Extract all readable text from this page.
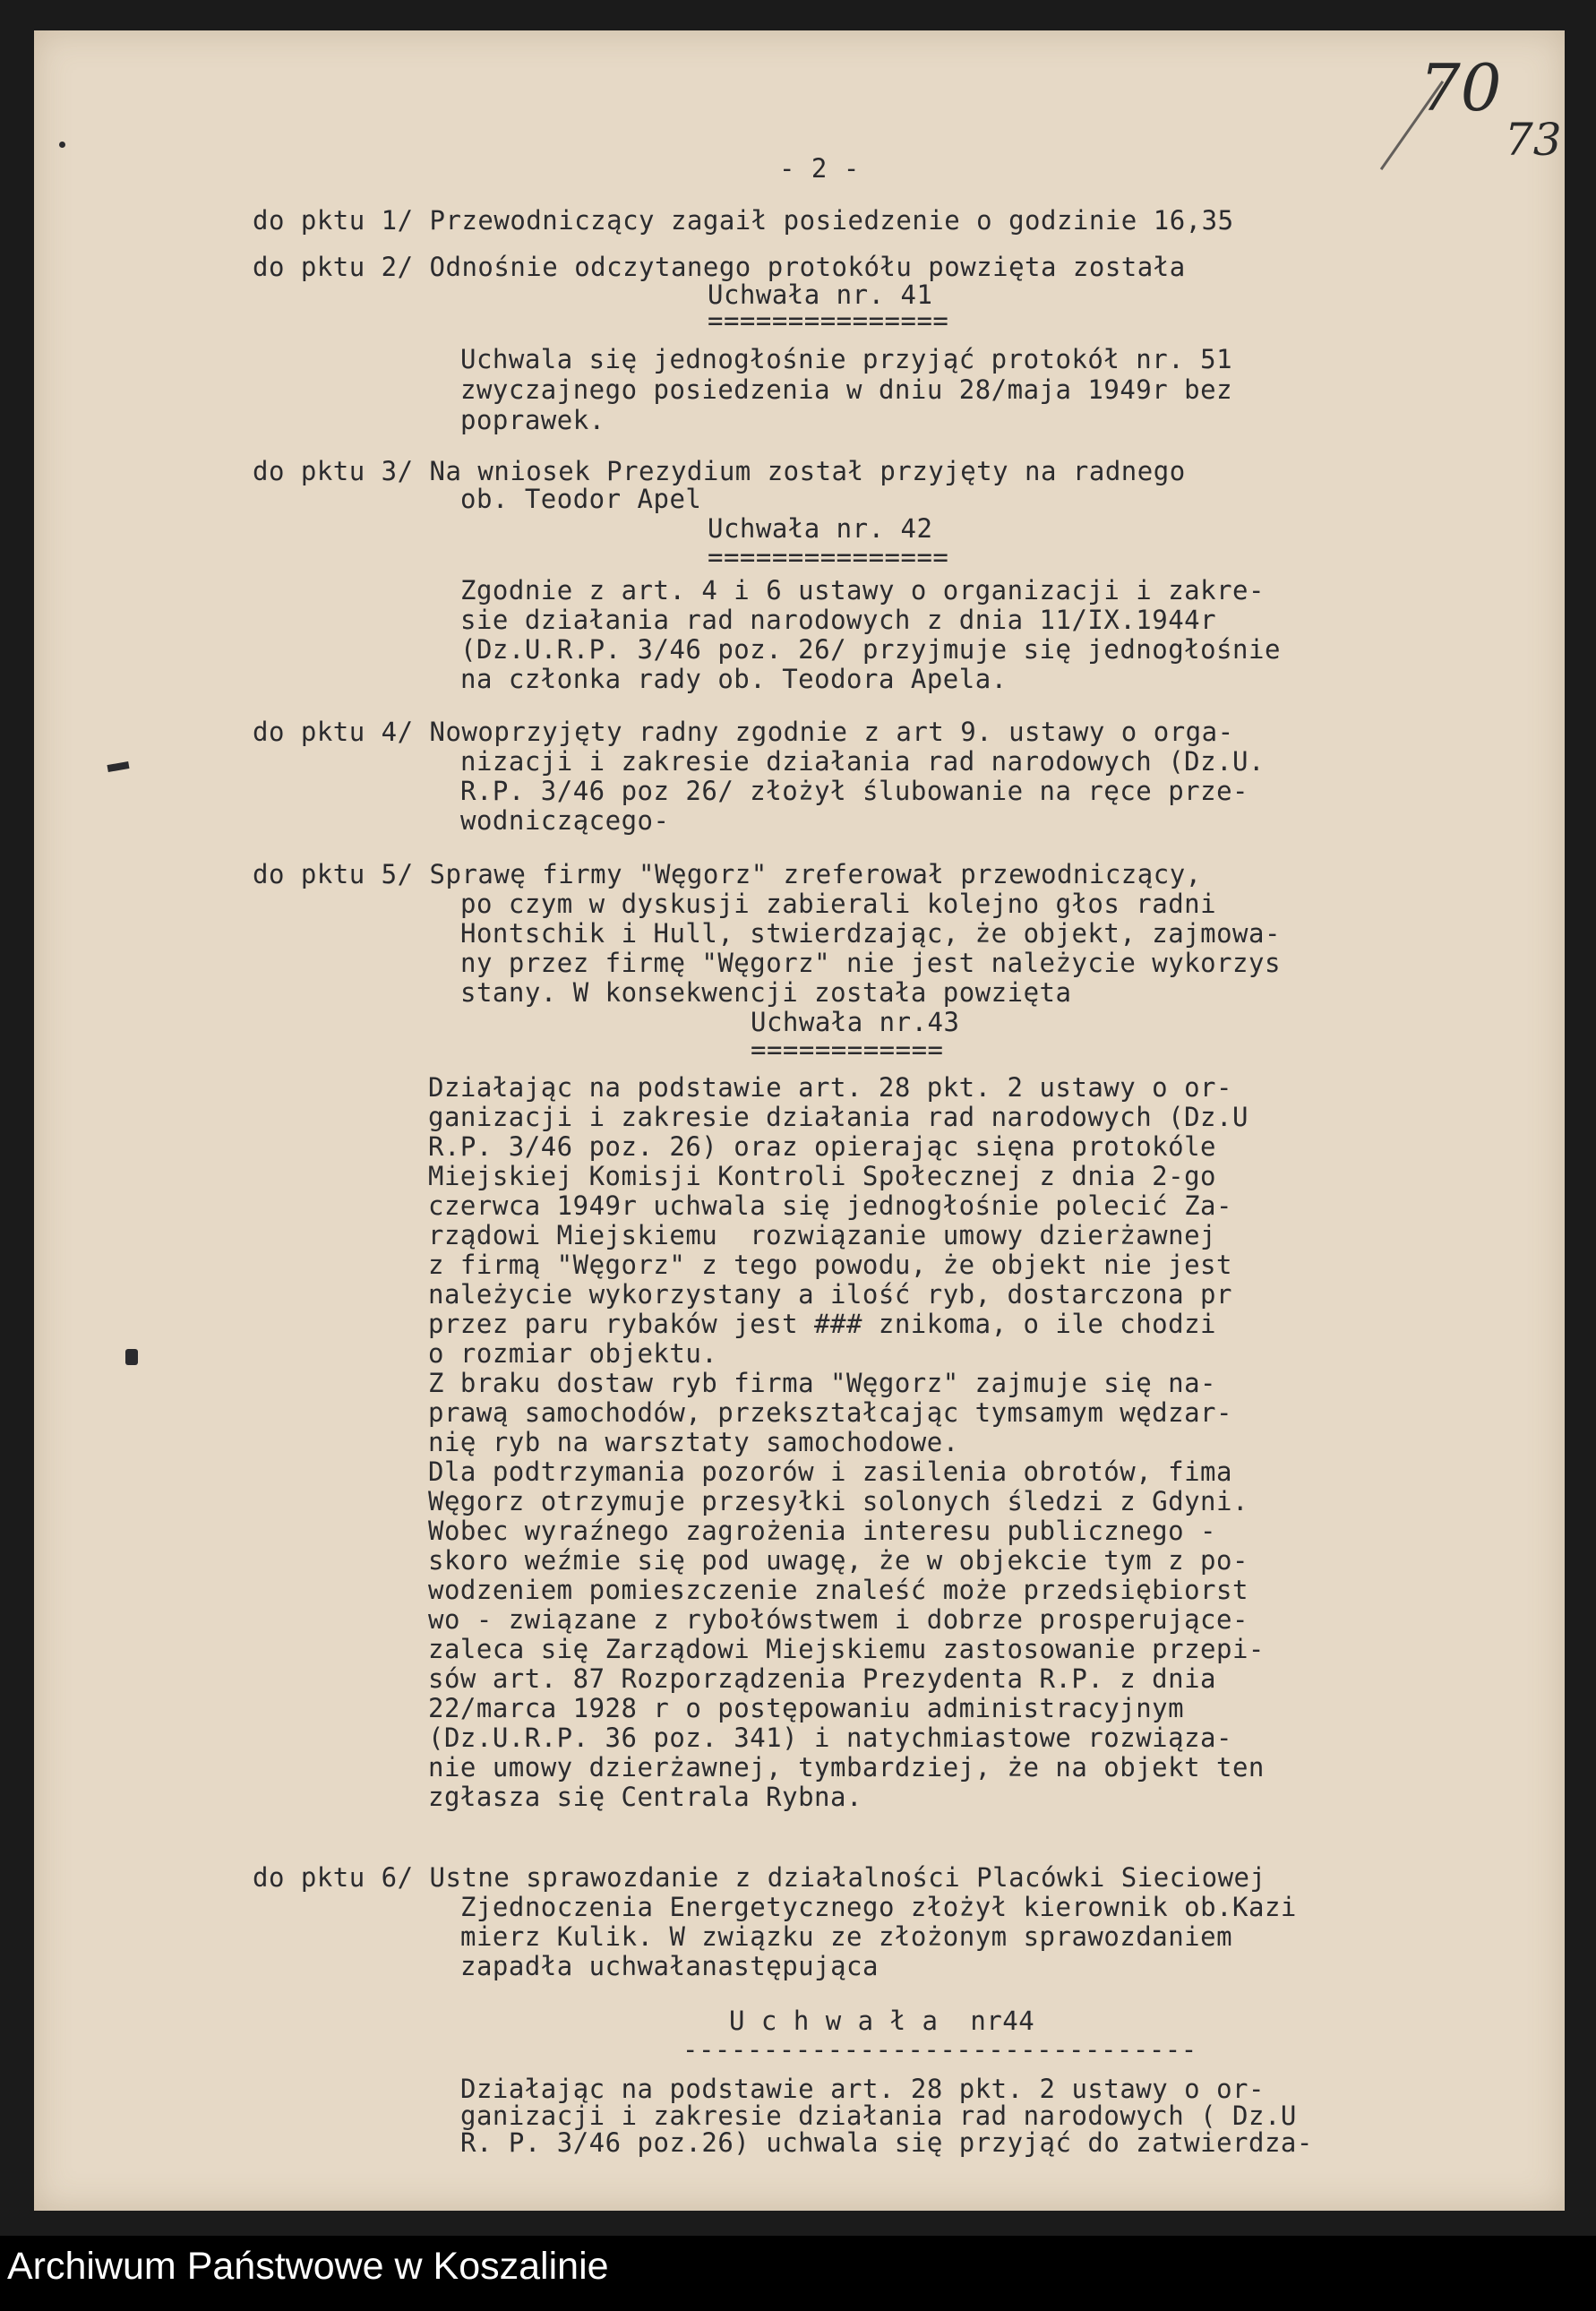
70
73
- 2 -
do pktu 1/ Przewodniczący zagaił posiedzenie o godzinie 16,35
do pktu 2/ Odnośnie odczytanego protokółu powzięta została
Uchwała nr. 41
===============
Uchwala się jednogłośnie przyjąć protokół nr. 51
zwyczajnego posiedzenia w dniu 28/maja 1949r bez
poprawek.
do pktu 3/ Na wniosek Prezydium został przyjęty na radnego
ob. Teodor Apel
Uchwała nr. 42
===============
Zgodnie z art. 4 i 6 ustawy o organizacji i zakre-
sie działania rad narodowych z dnia 11/IX.1944r
(Dz.U.R.P. 3/46 poz. 26/ przyjmuje się jednogłośnie
na członka rady ob. Teodora Apela.
do pktu 4/ Nowoprzyjęty radny zgodnie z art 9. ustawy o orga-
nizacji i zakresie działania rad narodowych (Dz.U.
R.P. 3/46 poz 26/ złożył ślubowanie na ręce prze-
wodniczącego-
do pktu 5/ Sprawę firmy "Węgorz" zreferował przewodniczący,
po czym w dyskusji zabierali kolejno głos radni
Hontschik i Hull, stwierdzając, że objekt, zajmowa-
ny przez firmę "Węgorz" nie jest należycie wykorzys
stany. W konsekwencji została powzięta
Uchwała nr.43
============
Działając na podstawie art. 28 pkt. 2 ustawy o or-
ganizacji i zakresie działania rad narodowych (Dz.U
R.P. 3/46 poz. 26) oraz opierając sięna protokóle
Miejskiej Komisji Kontroli Społecznej z dnia 2-go
czerwca 1949r uchwala się jednogłośnie polecić Za-
rządowi Miejskiemu  rozwiązanie umowy dzierżawnej
z firmą "Węgorz" z tego powodu, że objekt nie jest
należycie wykorzystany a ilość ryb, dostarczona pr
przez paru rybaków jest ### znikoma, o ile chodzi
o rozmiar objektu.
Z braku dostaw ryb firma "Węgorz" zajmuje się na-
prawą samochodów, przekształcając tymsamym wędzar-
nię ryb na warsztaty samochodowe.
Dla podtrzymania pozorów i zasilenia obrotów, fima
Węgorz otrzymuje przesyłki solonych śledzi z Gdyni.
Wobec wyraźnego zagrożenia interesu publicznego -
skoro weźmie się pod uwagę, że w objekcie tym z po-
wodzeniem pomieszczenie znaleść może przedsiębiorst
wo - związane z rybołówstwem i dobrze prosperujące-
zaleca się Zarządowi Miejskiemu zastosowanie przepi-
sów art. 87 Rozporządzenia Prezydenta R.P. z dnia
22/marca 1928 r o postępowaniu administracyjnym
(Dz.U.R.P. 36 poz. 341) i natychmiastowe rozwiąza-
nie umowy dzierżawnej, tymbardziej, że na objekt ten
zgłasza się Centrala Rybna.
do pktu 6/ Ustne sprawozdanie z działalności Placówki Sieciowej
Zjednoczenia Energetycznego złożył kierownik ob.Kazi
mierz Kulik. W związku ze złożonym sprawozdaniem
zapadła uchwałanastępująca
U c h w a ł a  nr44
--------------------------------
Działając na podstawie art. 28 pkt. 2 ustawy o or-
ganizacji i zakresie działania rad narodowych ( Dz.U
R. P. 3/46 poz.26) uchwala się przyjąć do zatwierdza-
Archiwum Państwowe w Koszalinie
